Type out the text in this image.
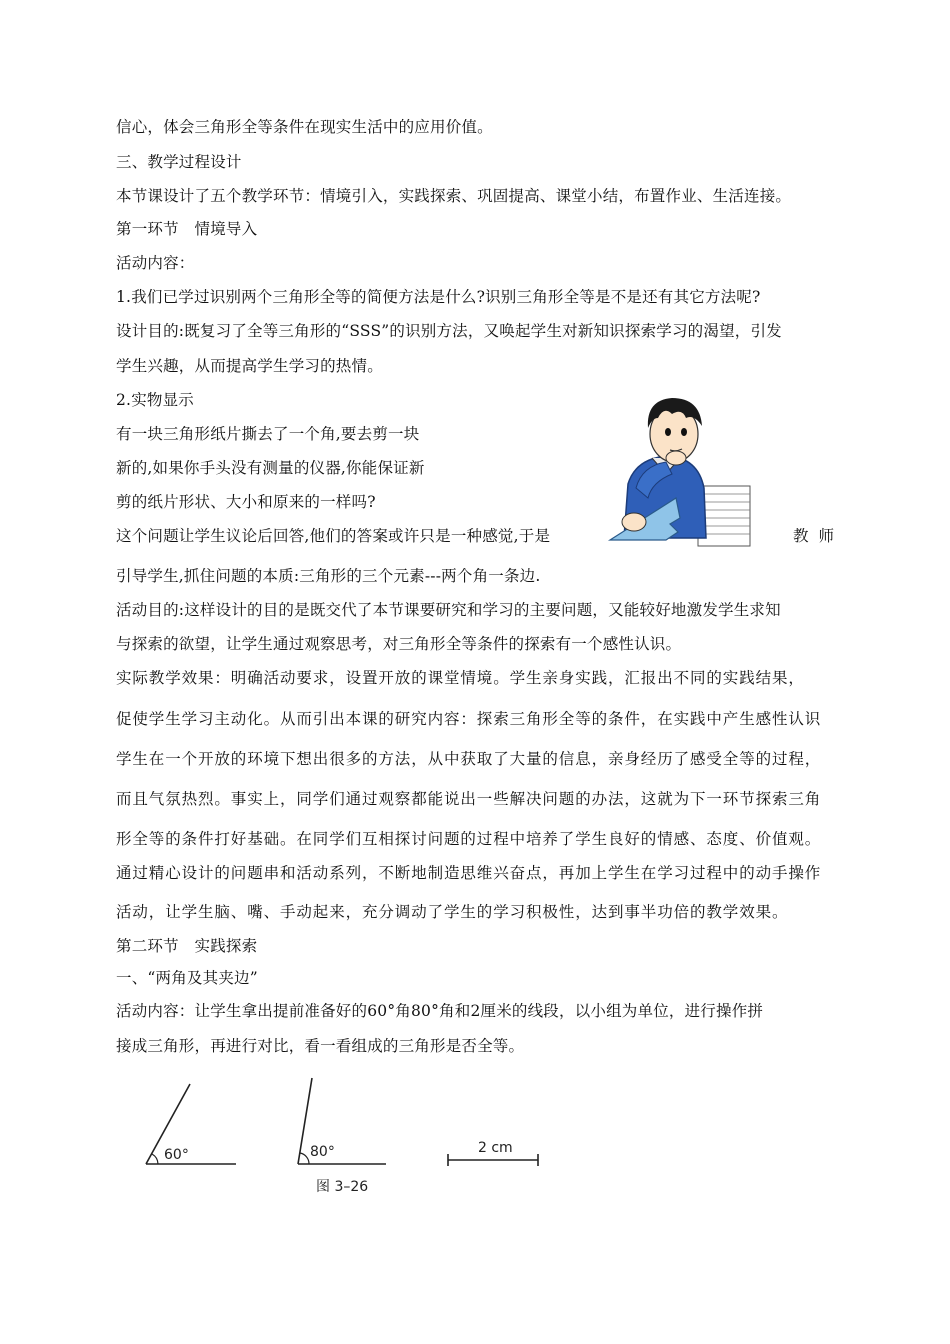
信心，体会三角形全等条件在现实生活中的应用价值。
三、教学过程设计
本节课设计了五个教学环节：情境引入，实践探索、巩固提高、课堂小结，布置作业、生活连接。
第一环节　情境导入
活动内容：
1.我们已学过识别两个三角形全等的简便方法是什么?识别三角形全等是不是还有其它方法呢?
设计目的:既复习了全等三角形的“SSS”的识别方法，又唤起学生对新知识探索学习的渴望，引发
学生兴趣，从而提高学生学习的热情。
2.实物显示
有一块三角形纸片撕去了一个角,要去剪一块
新的,如果你手头没有测量的仪器,你能保证新
剪的纸片形状、大小和原来的一样吗?
这个问题让学生议论后回答,他们的答案或许只是一种感觉,于是	教师
引导学生,抓住问题的本质:三角形的三个元素---两个角一条边.
活动目的:这样设计的目的是既交代了本节课要研究和学习的主要问题，又能较好地激发学生求知
与探索的欲望，让学生通过观察思考，对三角形全等条件的探索有一个感性认识。
实际教学效果：明确活动要求，设置开放的课堂情境。学生亲身实践，汇报出不同的实践结果，
促使学生学习主动化。从而引出本课的研究内容：探索三角形全等的条件，在实践中产生感性认识
学生在一个开放的环境下想出很多的方法，从中获取了大量的信息，亲身经历了感受全等的过程，
而且气氛热烈。事实上，同学们通过观察都能说出一些解决问题的办法，这就为下一环节探索三角
形全等的条件打好基础。在同学们互相探讨问题的过程中培养了学生良好的情感、态度、价值观。
通过精心设计的问题串和活动系列，不断地制造思维兴奋点，再加上学生在学习过程中的动手操作
活动，让学生脑、嘴、手动起来，充分调动了学生的学习积极性，达到事半功倍的教学效果。
第二环节　实践探索
一、“两角及其夹边”
活动内容：让学生拿出提前准备好的60°角80°角和2厘米的线段，以小组为单位，进行操作拼
接成三角形，再进行对比，看一看组成的三角形是否全等。
60°	80°	2 cm
图 3–26
